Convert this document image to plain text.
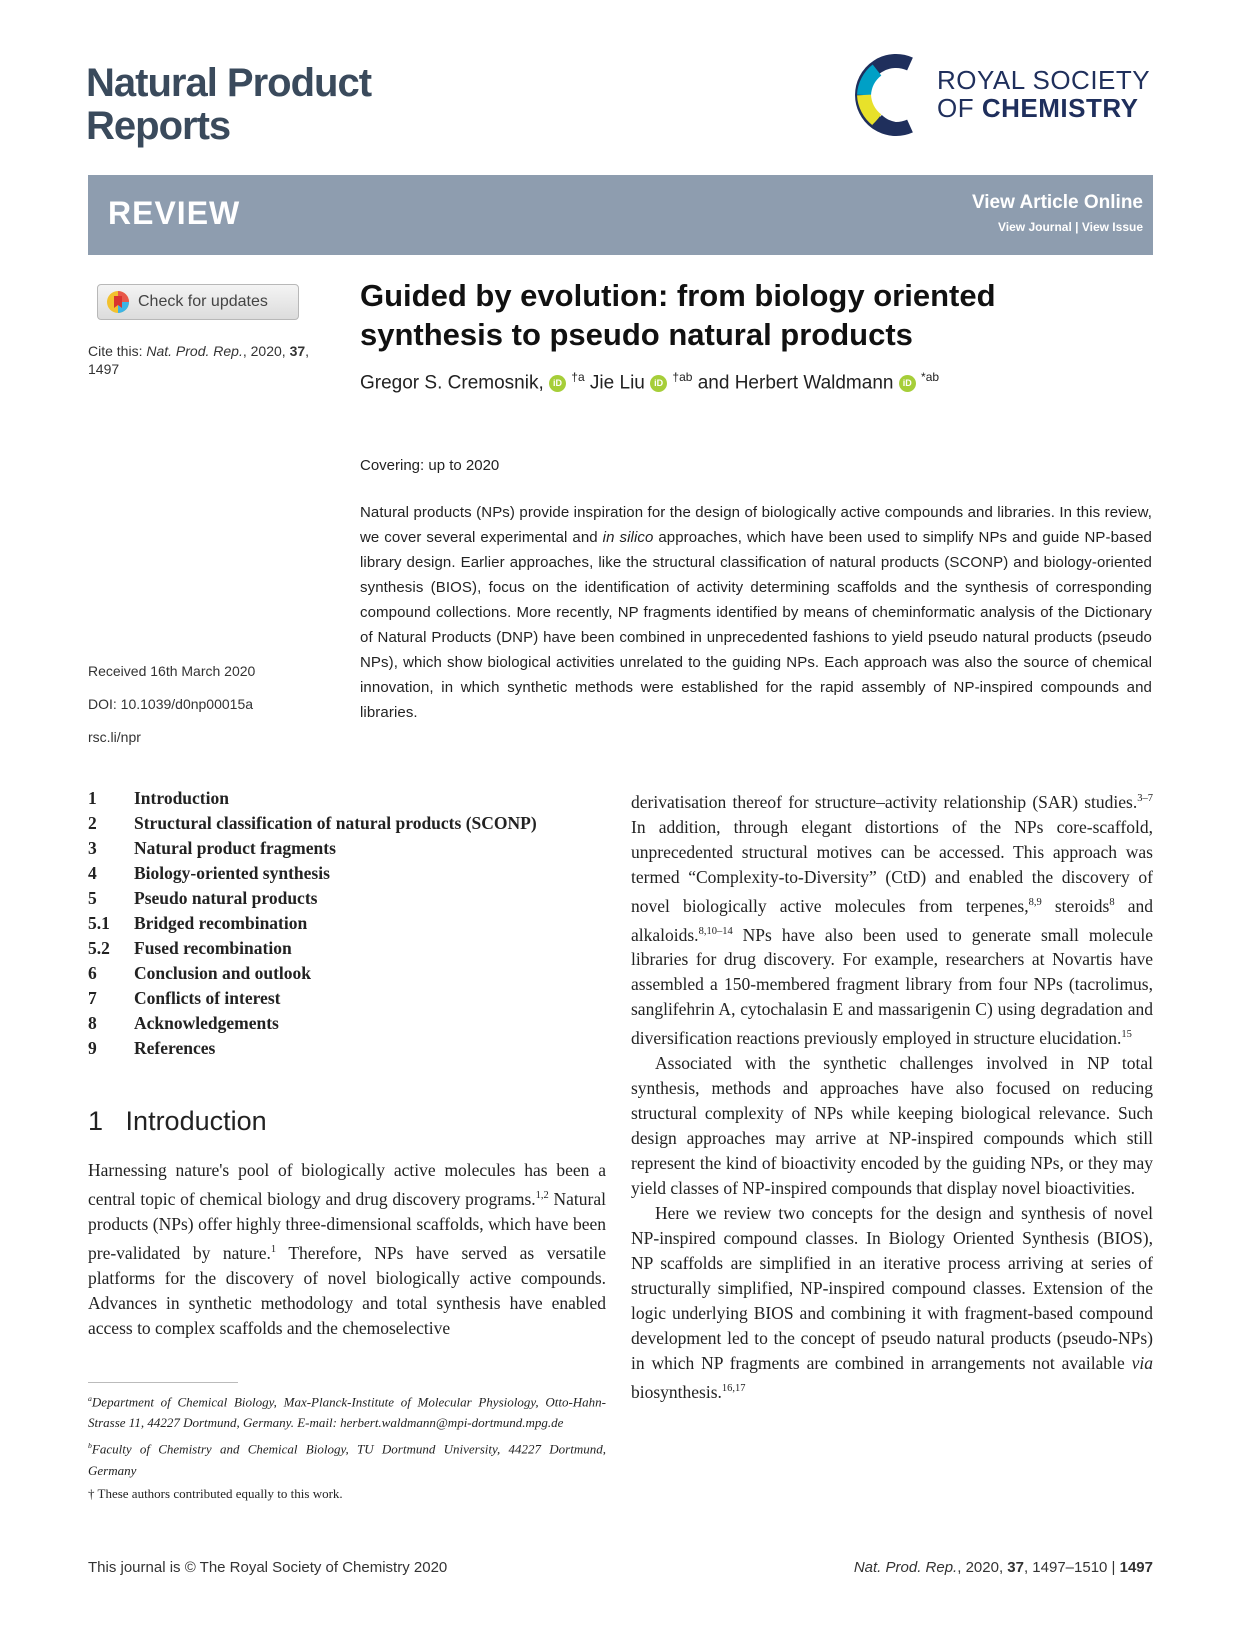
Natural Product
Reports
ROYAL SOCIETY
OF CHEMISTRY
REVIEW	View Article Online
View Journal | View Issue
Check for updates
Cite this: Nat. Prod. Rep., 2020, 37,
1497
Received 16th March 2020
DOI: 10.1039/d0np00015a
rsc.li/npr
Guided by evolution: from biology oriented
synthesis to pseudo natural products
Gregor S. Cremosnik, iD $^{\dagger a}$ Jie Liu iD $^{\dagger ab}$ and Herbert Waldmann iD $^{*ab}$
Covering: up to 2020
Natural products (NPs) provide inspiration for the design of biologically active compounds and libraries. In this review, we cover several experimental and in silico approaches, which have been used to simplify NPs and guide NP-based library design. Earlier approaches, like the structural classification of natural products (SCONP) and biology-oriented synthesis (BIOS), focus on the identification of activity determining scaffolds and the synthesis of corresponding compound collections. More recently, NP fragments identified by means of cheminformatic analysis of the Dictionary of Natural Products (DNP) have been combined in unprecedented fashions to yield pseudo natural products (pseudo NPs), which show biological activities unrelated to the guiding NPs. Each approach was also the source of chemical innovation, in which synthetic methods were established for the rapid assembly of NP-inspired compounds and libraries.
1	Introduction
2	Structural classification of natural products (SCONP)
3	Natural product fragments
4	Biology-oriented synthesis
5	Pseudo natural products
5.1	Bridged recombination
5.2	Fused recombination
6	Conclusion and outlook
7	Conflicts of interest
8	Acknowledgements
9	References
1 Introduction

Harnessing nature's pool of biologically active molecules has been a central topic of chemical biology and drug discovery programs.$^{1,2}$ Natural products (NPs) offer highly three-dimensional scaffolds, which have been pre-validated by nature.$^1$ Therefore, NPs have served as versatile platforms for the discovery of novel biologically active compounds. Advances in synthetic methodology and total synthesis have enabled access to complex scaffolds and the chemoselective

$^a$Department of Chemical Biology, Max-Planck-Institute of Molecular Physiology, Otto-Hahn-Strasse 11, 44227 Dortmund, Germany. E-mail: herbert.waldmann@mpi-dortmund.mpg.de

$^b$Faculty of Chemistry and Chemical Biology, TU Dortmund University, 44227 Dortmund, Germany

† These authors contributed equally to this work.

derivatisation thereof for structure–activity relationship (SAR) studies.$^{3-7}$ In addition, through elegant distortions of the NPs core-scaffold, unprecedented structural motives can be accessed. This approach was termed “Complexity-to-Diversity” (CtD) and enabled the discovery of novel biologically active molecules from terpenes,$^{8,9}$ steroids$^8$ and alkaloids.$^{8,10-14}$ NPs have also been used to generate small molecule libraries for drug discovery. For example, researchers at Novartis have assembled a 150-membered fragment library from four NPs (tacrolimus, sanglifehrin A, cytochalasin E and massarigenin C) using degradation and diversification reactions previously employed in structure elucidation.$^{15}$

Associated with the synthetic challenges involved in NP total synthesis, methods and approaches have also focused on reducing structural complexity of NPs while keeping biological relevance. Such design approaches may arrive at NP-inspired compounds which still represent the kind of bioactivity encoded by the guiding NPs, or they may yield classes of NP-inspired compounds that display novel bioactivities.

Here we review two concepts for the design and synthesis of novel NP-inspired compound classes. In Biology Oriented Synthesis (BIOS), NP scaffolds are simplified in an iterative process arriving at series of structurally simplified, NP-inspired compound classes. Extension of the logic underlying BIOS and combining it with fragment-based compound development led to the concept of pseudo natural products (pseudo-NPs) in which NP fragments are combined in arrangements not available via biosynthesis.$^{16,17}$

This journal is © The Royal Society of Chemistry 2020	Nat. Prod. Rep., 2020, 37, 1497–1510 | 1497
